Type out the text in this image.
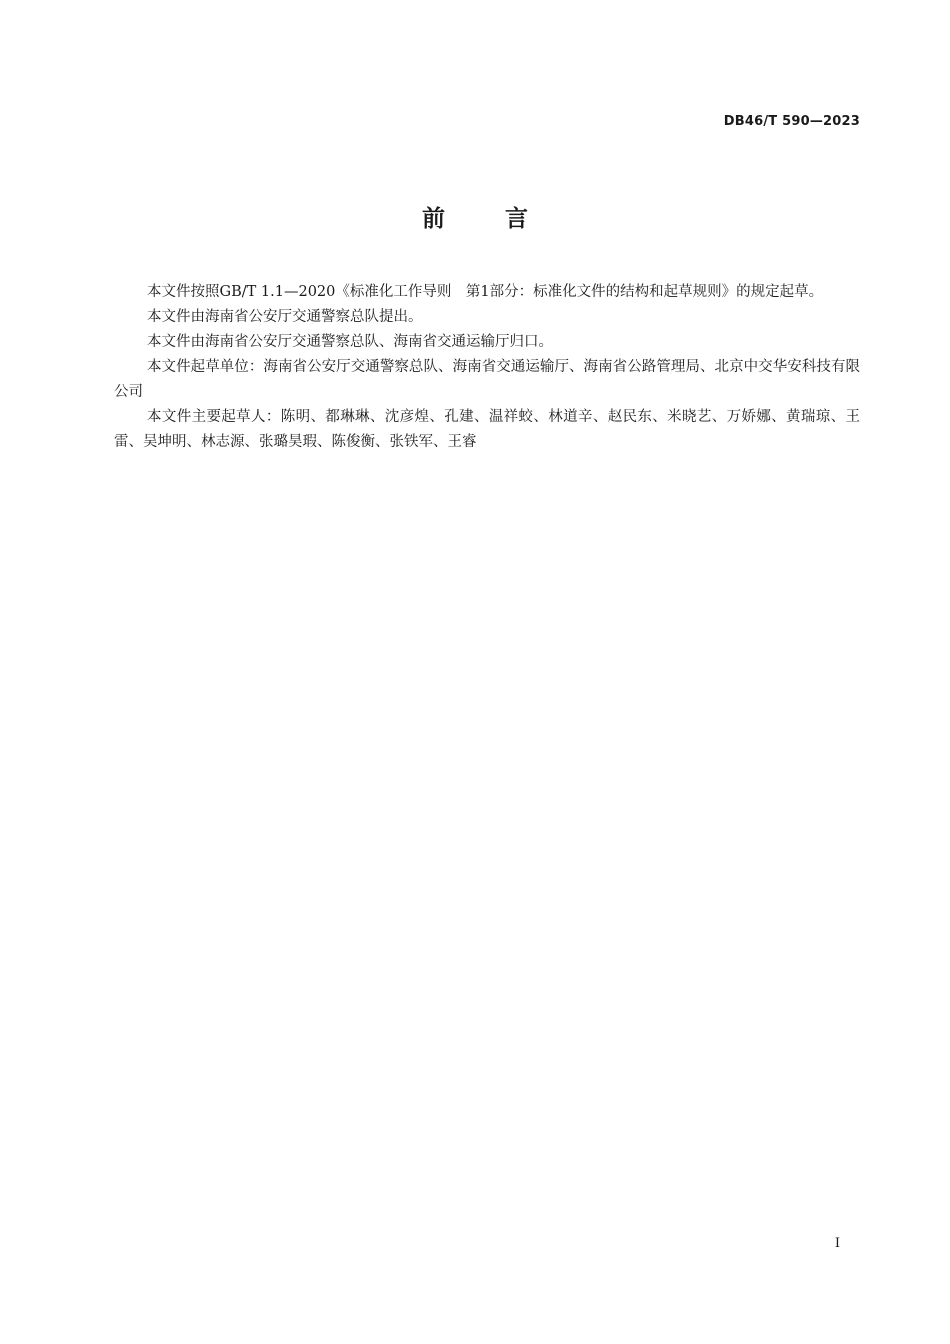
DB46/T 590—2023
前言

本文件按照GB/T 1.1—2020《标准化工作导则　第1部分：标准化文件的结构和起草规则》的规定起草。

本文件由海南省公安厅交通警察总队提出。

本文件由海南省公安厅交通警察总队、海南省交通运输厅归口。

本文件起草单位：海南省公安厅交通警察总队、海南省交通运输厅、海南省公路管理局、北京中交华安科技有限公司

本文件主要起草人：陈明、都琳琳、沈彦煌、孔建、温祥蛟、林道辛、赵民东、米晓艺、万娇娜、黄瑞琼、王雷、吴坤明、林志源、张璐昊瑕、陈俊衡、张铁军、王睿

I
